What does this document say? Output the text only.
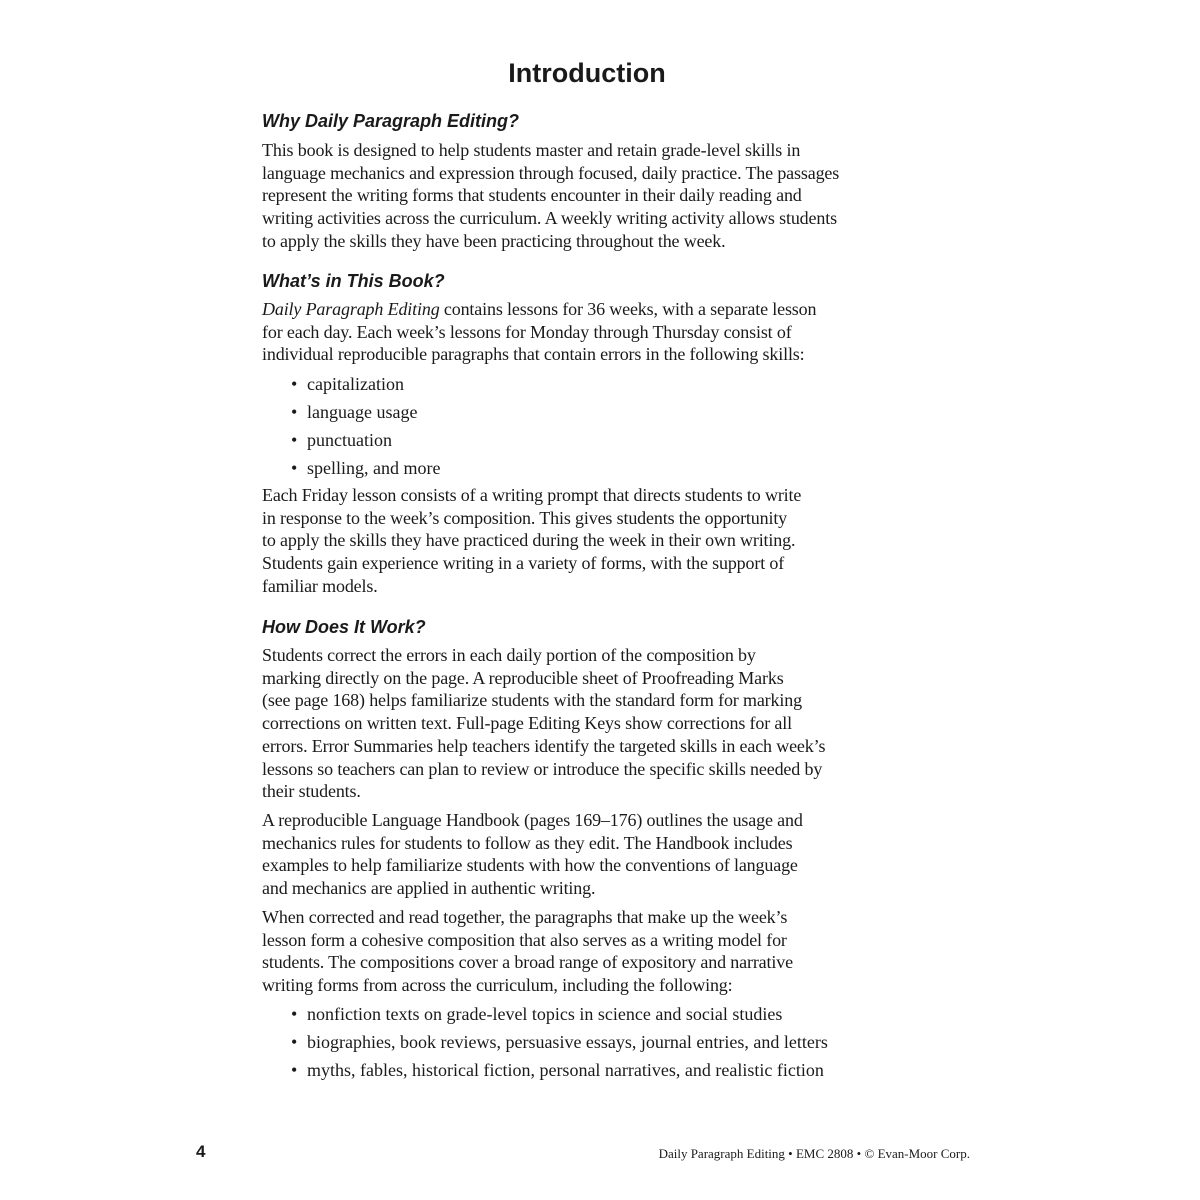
Introduction
Why Daily Paragraph Editing?
This book is designed to help students master and retain grade-level skills in
language mechanics and expression through focused, daily practice. The passages
represent the writing forms that students encounter in their daily reading and
writing activities across the curriculum. A weekly writing activity allows students
to apply the skills they have been practicing throughout the week.
What’s in This Book?
Daily Paragraph Editing contains lessons for 36 weeks, with a separate lesson
for each day. Each week’s lessons for Monday through Thursday consist of
individual reproducible paragraphs that contain errors in the following skills:
• capitalization
• language usage
• punctuation
• spelling, and more
Each Friday lesson consists of a writing prompt that directs students to write
in response to the week’s composition. This gives students the opportunity
to apply the skills they have practiced during the week in their own writing.
Students gain experience writing in a variety of forms, with the support of
familiar models.
How Does It Work?
Students correct the errors in each daily portion of the composition by
marking directly on the page. A reproducible sheet of Proofreading Marks
(see page 168) helps familiarize students with the standard form for marking
corrections on written text. Full-page Editing Keys show corrections for all
errors. Error Summaries help teachers identify the targeted skills in each week’s
lessons so teachers can plan to review or introduce the specific skills needed by
their students.
A reproducible Language Handbook (pages 169–176) outlines the usage and
mechanics rules for students to follow as they edit. The Handbook includes
examples to help familiarize students with how the conventions of language
and mechanics are applied in authentic writing.
When corrected and read together, the paragraphs that make up the week’s
lesson form a cohesive composition that also serves as a writing model for
students. The compositions cover a broad range of expository and narrative
writing forms from across the curriculum, including the following:
• nonfiction texts on grade-level topics in science and social studies
• biographies, book reviews, persuasive essays, journal entries, and letters
• myths, fables, historical fiction, personal narratives, and realistic fiction

4	Daily Paragraph Editing • EMC 2808 • © Evan-Moor Corp.
